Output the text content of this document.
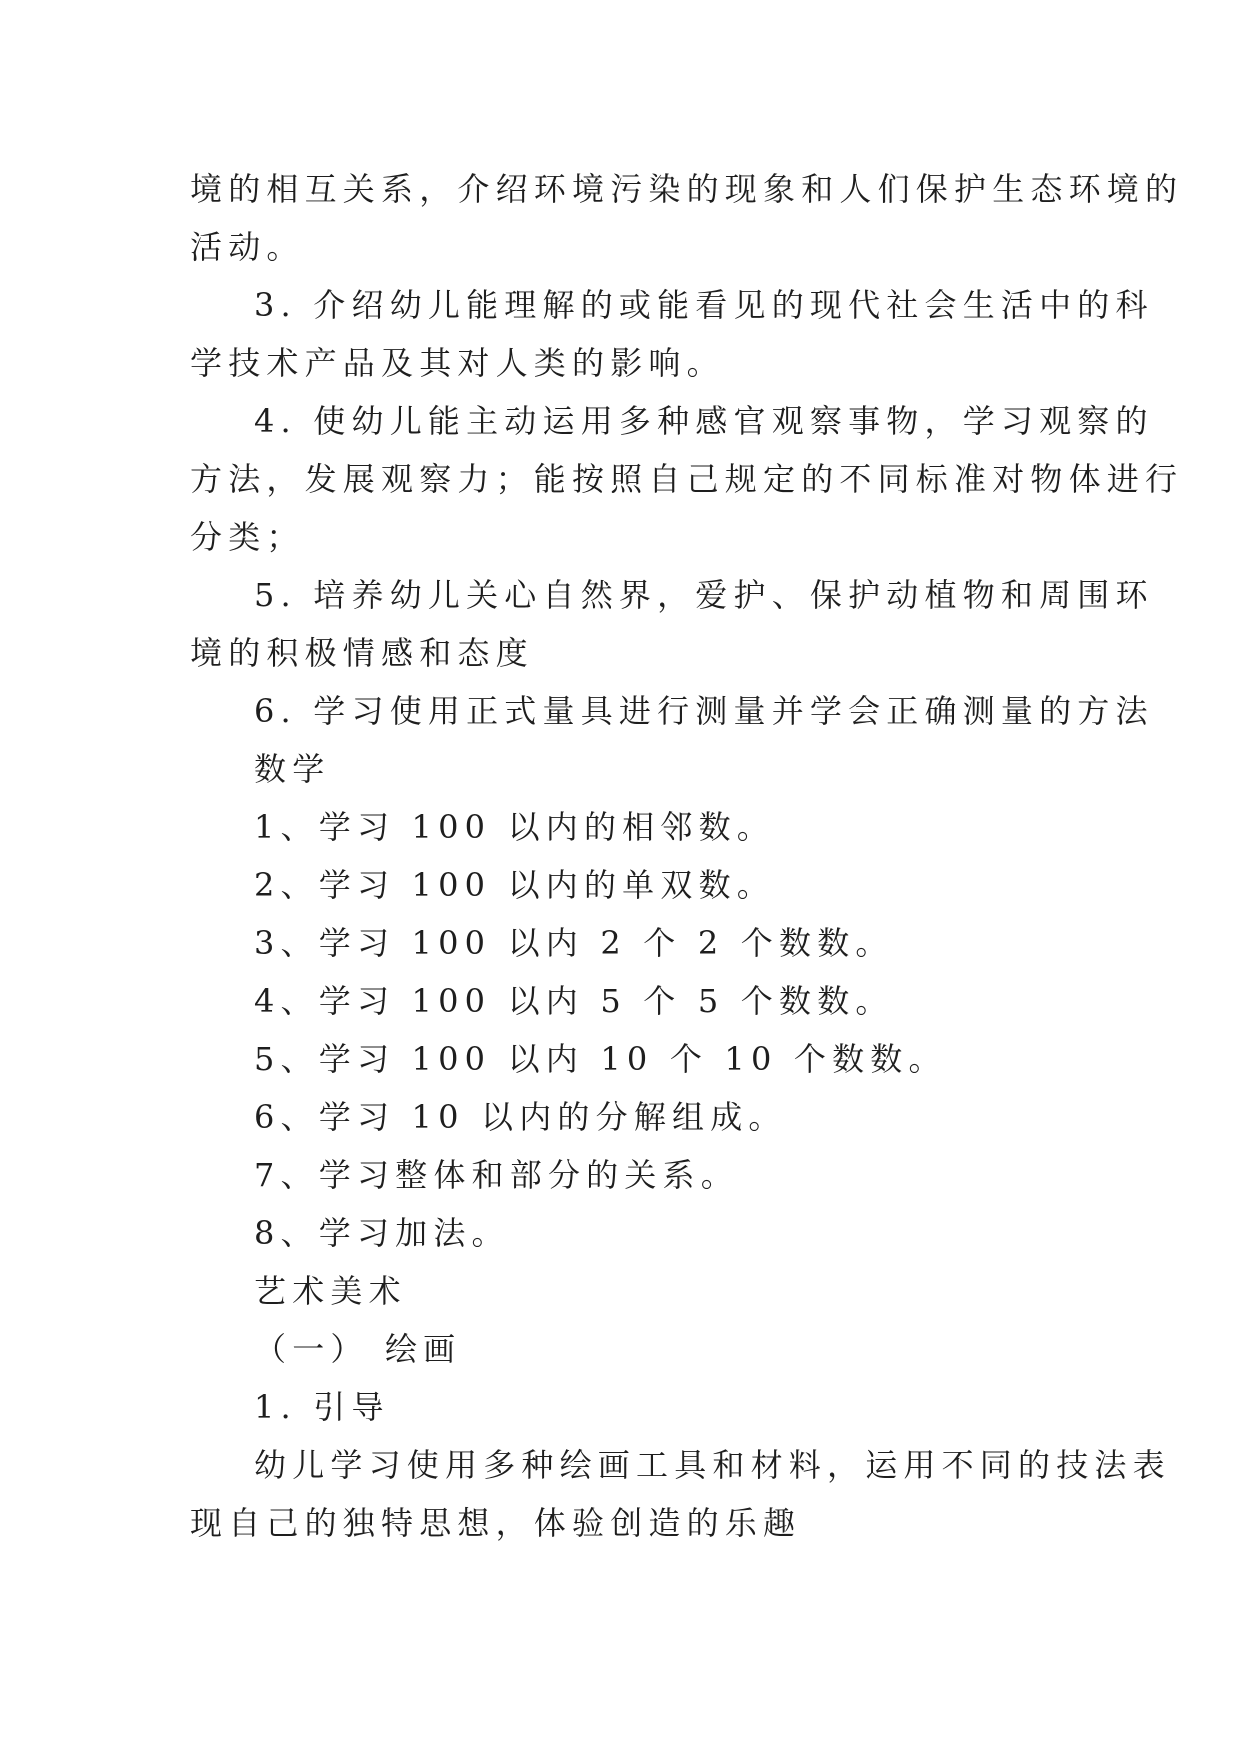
境的相互关系，介绍环境污染的现象和人们保护生态环境的
活动。
3. 介绍幼儿能理解的或能看见的现代社会生活中的科
学技术产品及其对人类的影响。
4. 使幼儿能主动运用多种感官观察事物，学习观察的
方法，发展观察力；能按照自己规定的不同标准对物体进行
分类；
5. 培养幼儿关心自然界，爱护、保护动植物和周围环
境的积极情感和态度
6. 学习使用正式量具进行测量并学会正确测量的方法
数学
1、学习 100 以内的相邻数。
2、学习 100 以内的单双数。
3、学习 100 以内 2 个 2 个数数。
4、学习 100 以内 5 个 5 个数数。
5、学习 100 以内 10 个 10 个数数。
6、学习 10 以内的分解组成。
7、学习整体和部分的关系。
8、学习加法。
艺术美术
（一） 绘画
1. 引导
幼儿学习使用多种绘画工具和材料，运用不同的技法表
现自己的独特思想，体验创造的乐趣
